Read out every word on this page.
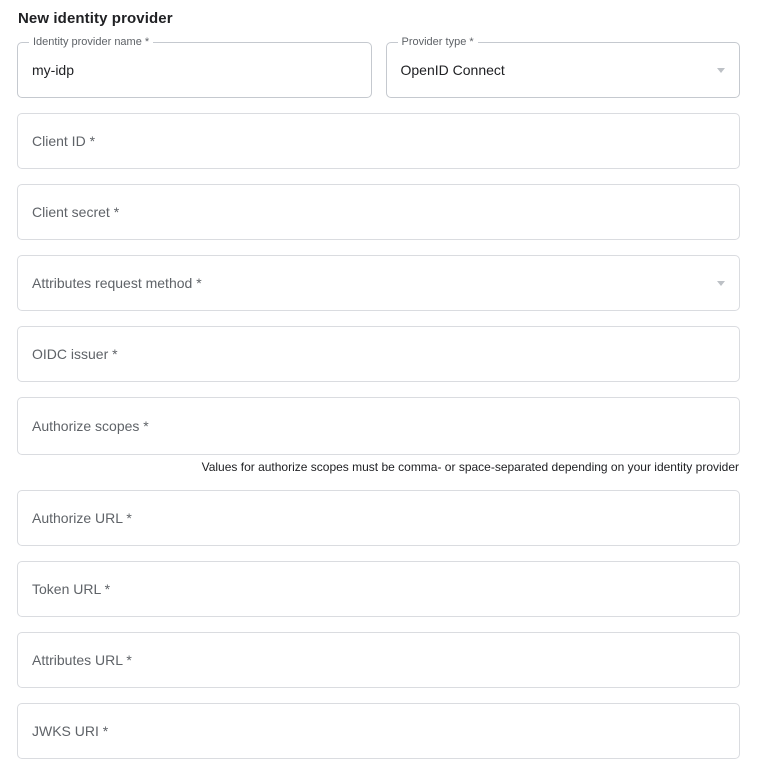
New identity provider
Identity provider name *
my-idp
Provider type *
OpenID Connect
Client ID *
Client secret *
Attributes request method *
OIDC issuer *
Authorize scopes *
Values for authorize scopes must be comma- or space-separated depending on your identity provider
Authorize URL *
Token URL *
Attributes URL *
JWKS URI *
